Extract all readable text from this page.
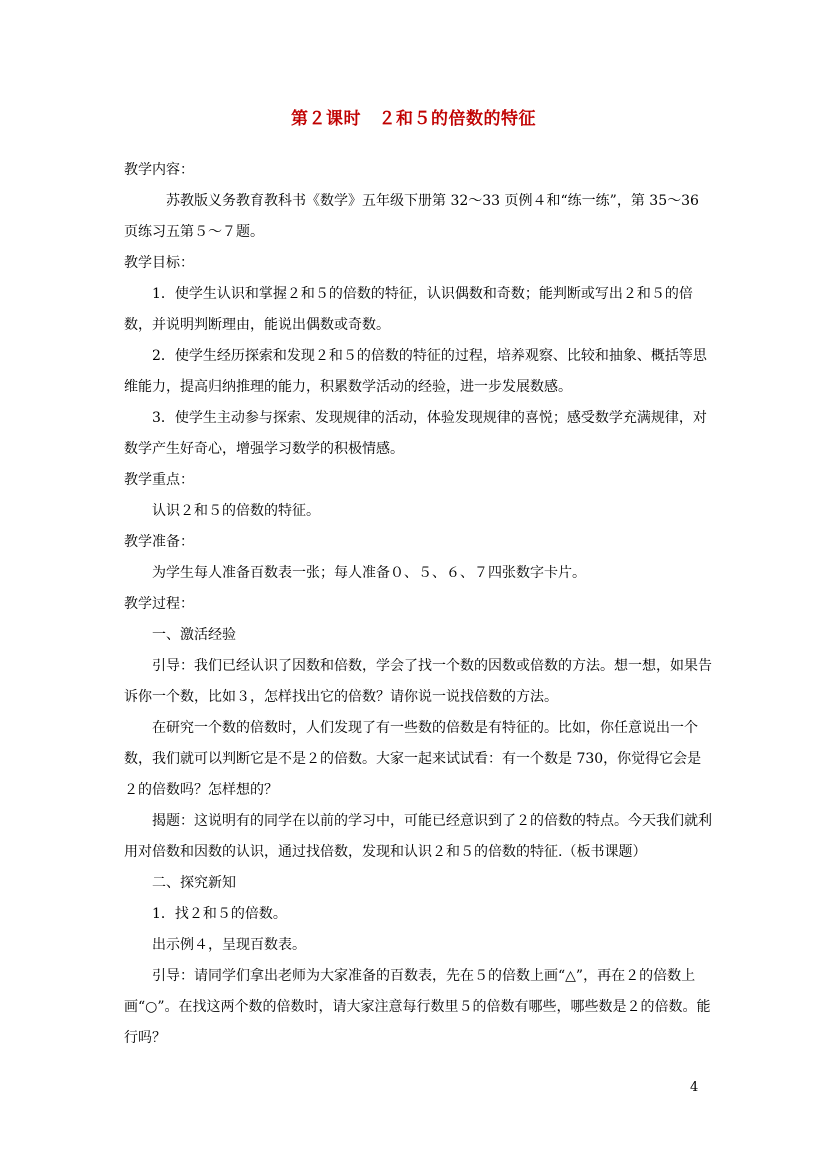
第２课时　２和５的倍数的特征

教学内容：

苏教版义务教育教科书《数学》五年级下册第 32～33 页例４和“练一练”，第 35～36 页练习五第５～７题。

教学目标：

1．使学生认识和掌握２和５的倍数的特征，认识偶数和奇数；能判断或写出２和５的倍数，并说明判断理由，能说出偶数或奇数。

2．使学生经历探索和发现２和５的倍数的特征的过程，培养观察、比较和抽象、概括等思维能力，提高归纳推理的能力，积累数学活动的经验，进一步发展数感。

3．使学生主动参与探索、发现规律的活动，体验发现规律的喜悦；感受数学充满规律，对数学产生好奇心，增强学习数学的积极情感。

教学重点：

认识２和５的倍数的特征。

教学准备：

为学生每人准备百数表一张；每人准备０、５、６、７四张数字卡片。

教学过程：

一、激活经验

引导：我们已经认识了因数和倍数，学会了找一个数的因数或倍数的方法。想一想，如果告诉你一个数，比如３，怎样找出它的倍数？请你说一说找倍数的方法。

在研究一个数的倍数时，人们发现了有一些数的倍数是有特征的。比如，你任意说出一个数，我们就可以判断它是不是２的倍数。大家一起来试试看：有一个数是 730，你觉得它会是２的倍数吗？怎样想的？

揭题：这说明有的同学在以前的学习中，可能已经意识到了２的倍数的特点。今天我们就利用对倍数和因数的认识，通过找倍数，发现和认识２和５的倍数的特征.（板书课题）

二、探究新知

1．找２和５的倍数。

出示例４，呈现百数表。

引导：请同学们拿出老师为大家准备的百数表，先在５的倍数上画“△”，再在２的倍数上画“○”。在找这两个数的倍数时，请大家注意每行数里５的倍数有哪些，哪些数是２的倍数。能行吗？

4
